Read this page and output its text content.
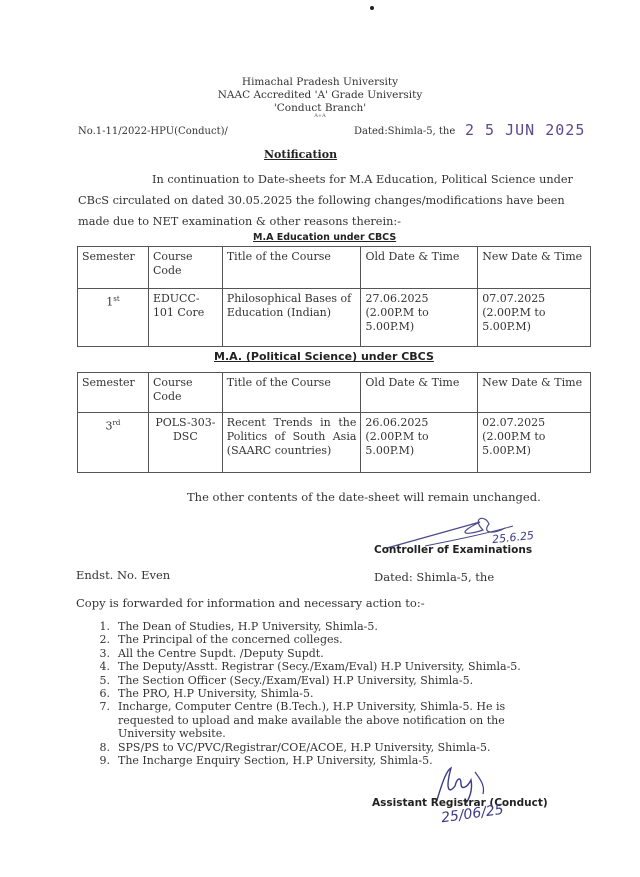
Himachal Pradesh University
NAAC Accredited 'A' Grade University
'Conduct Branch'
A+A
No.1-11/2022-HPU(Conduct)/	Dated:Shimla-5, the 2 5 JUN 2025
Notification
In continuation to Date-sheets for M.A Education, Political Science under
CBcS circulated on dated 30.05.2025 the following changes/modifications have been
made due to NET examination & other reasons therein:-
M.A Education under CBCS
Semester	Course Code	Title of the Course	Old Date & Time	New Date & Time
1st	EDUCC-101 Core	Philosophical Bases of Education (Indian)	27.06.2025 (2.00P.M to 5.00P.M)	07.07.2025 (2.00P.M to 5.00P.M)
M.A. (Political Science) under CBCS
Semester	Course Code	Title of the Course	Old Date & Time	New Date & Time
3rd	POLS-303-DSC	Recent Trends in the Politics of South Asia (SAARC countries)	26.06.2025 (2.00P.M to 5.00P.M)	02.07.2025 (2.00P.M to 5.00P.M)
The other contents of the date-sheet will remain unchanged.
25.6.25
Controller of Examinations
Endst. No. Even	Dated: Shimla-5, the
Copy is forwarded for information and necessary action to:-
1. The Dean of Studies, H.P University, Shimla-5.
2. The Principal of the concerned colleges.
3. All the Centre Supdt. /Deputy Supdt.
4. The Deputy/Asstt. Registrar (Secy./Exam/Eval) H.P University, Shimla-5.
5. The Section Officer (Secy./Exam/Eval) H.P University, Shimla-5.
6. The PRO, H.P University, Shimla-5.
7. Incharge, Computer Centre (B.Tech.), H.P University, Shimla-5. He is requested to upload and make available the above notification on the University website.
8. SPS/PS to VC/PVC/Registrar/COE/ACOE, H.P University, Shimla-5.
9. The Incharge Enquiry Section, H.P University, Shimla-5.
Assistant Registrar (Conduct)
25/06/25
